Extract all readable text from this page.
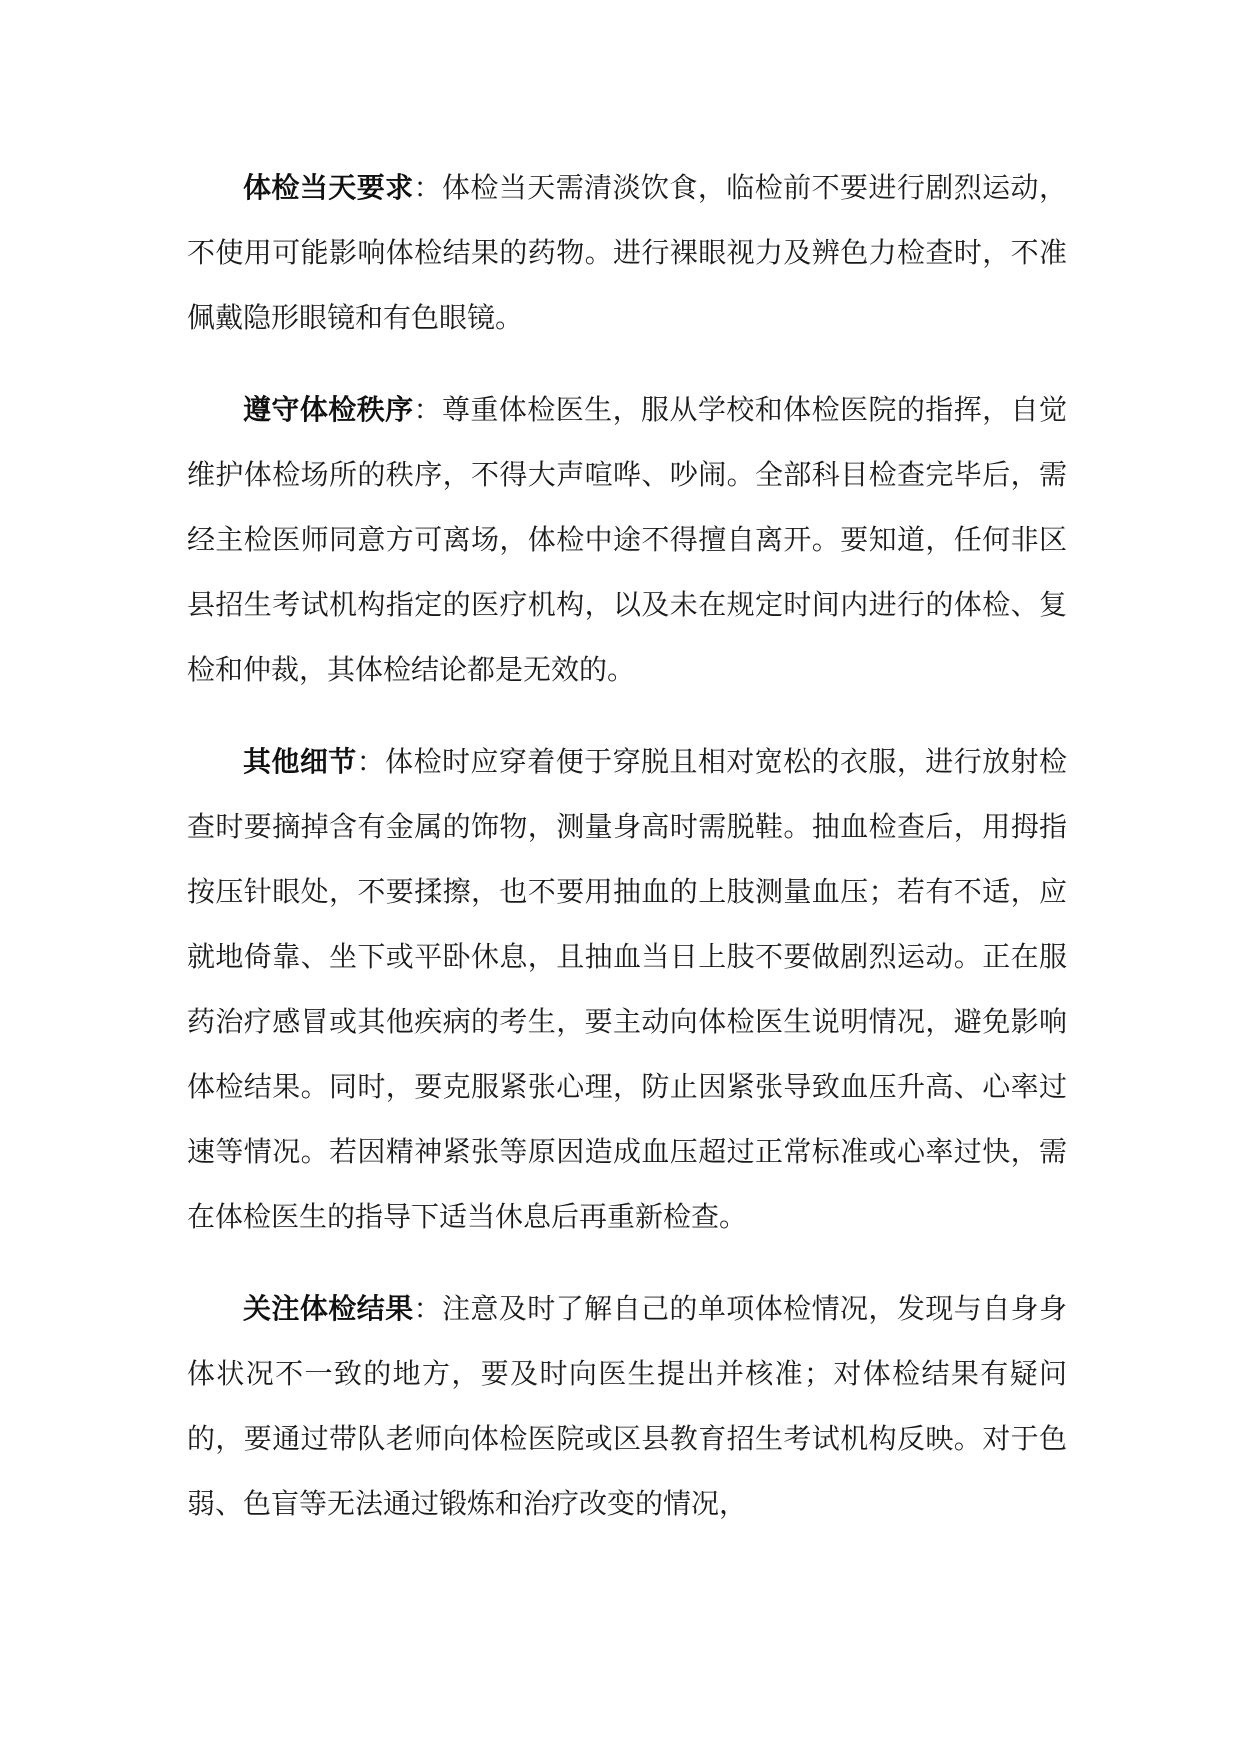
体检当天要求：体检当天需清淡饮食，临检前不要进行剧烈运动，不使用可能影响体检结果的药物。进行裸眼视力及辨色力检查时，不准佩戴隐形眼镜和有色眼镜。

遵守体检秩序：尊重体检医生，服从学校和体检医院的指挥，自觉维护体检场所的秩序，不得大声喧哗、吵闹。全部科目检查完毕后，需经主检医师同意方可离场，体检中途不得擅自离开。要知道，任何非区县招生考试机构指定的医疗机构，以及未在规定时间内进行的体检、复检和仲裁，其体检结论都是无效的。

其他细节：体检时应穿着便于穿脱且相对宽松的衣服，进行放射检查时要摘掉含有金属的饰物，测量身高时需脱鞋。抽血检查后，用拇指按压针眼处，不要揉擦，也不要用抽血的上肢测量血压；若有不适，应就地倚靠、坐下或平卧休息，且抽血当日上肢不要做剧烈运动。正在服药治疗感冒或其他疾病的考生，要主动向体检医生说明情况，避免影响体检结果。同时，要克服紧张心理，防止因紧张导致血压升高、心率过速等情况。若因精神紧张等原因造成血压超过正常标准或心率过快，需在体检医生的指导下适当休息后再重新检查。

关注体检结果：注意及时了解自己的单项体检情况，发现与自身身体状况不一致的地方，要及时向医生提出并核准；对体检结果有疑问的，要通过带队老师向体检医院或区县教育招生考试机构反映。对于色弱、色盲等无法通过锻炼和治疗改变的情况，
